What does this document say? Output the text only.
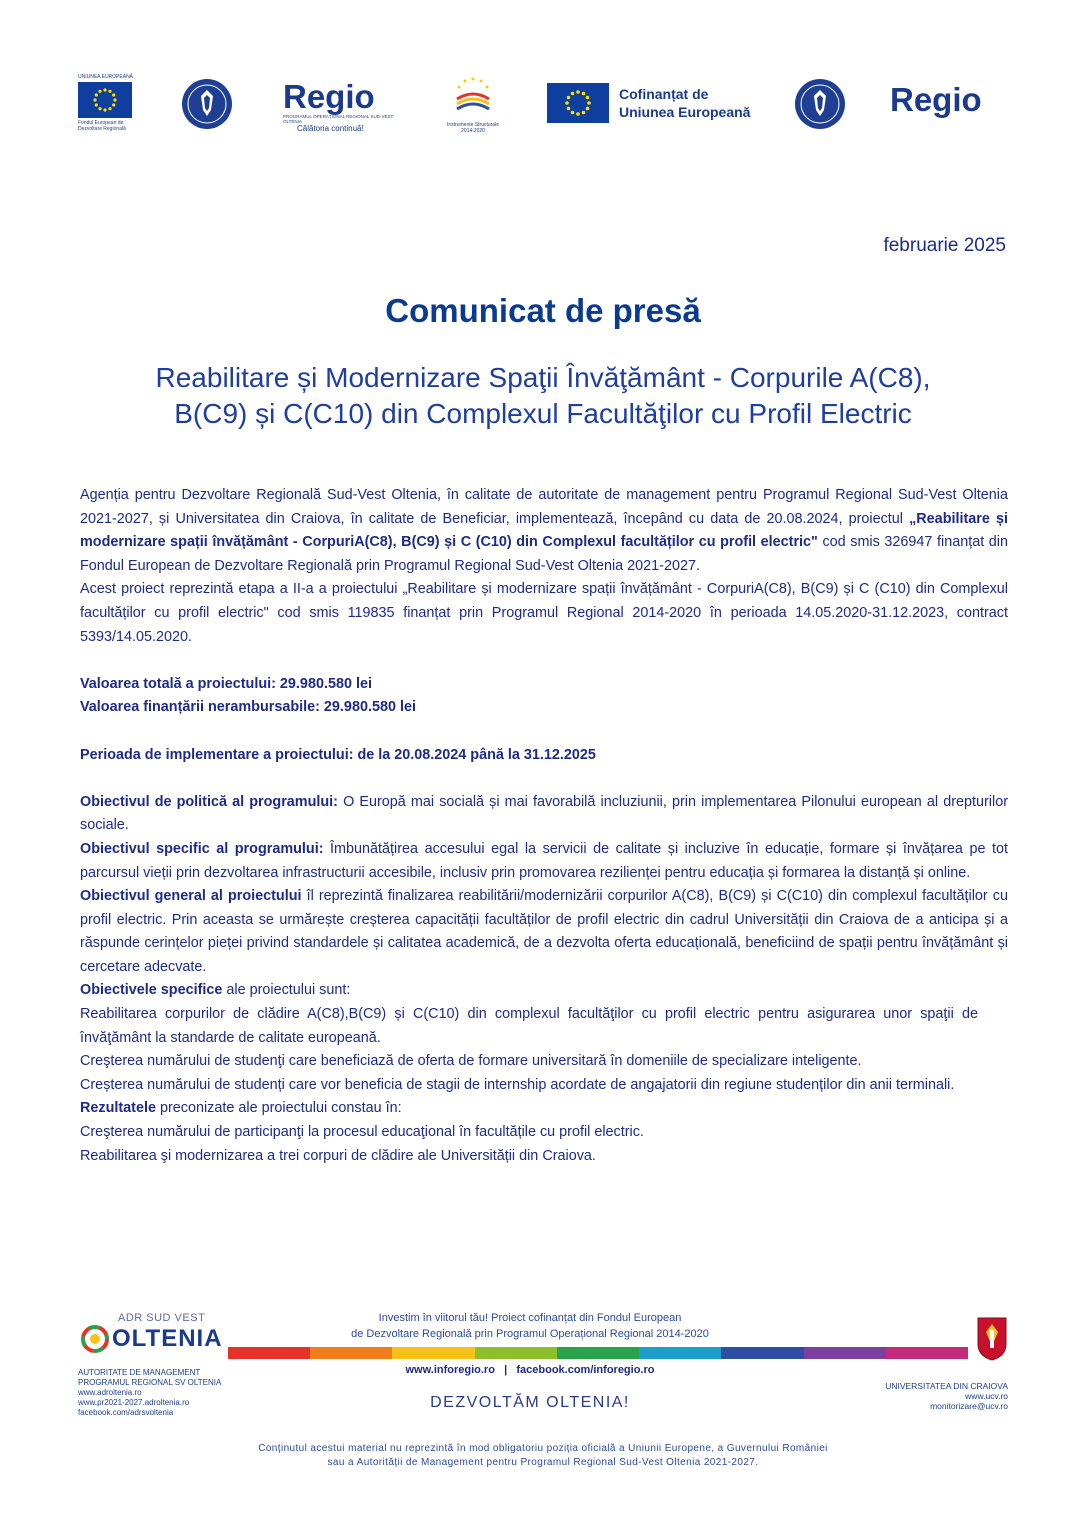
UNIUNEA EUROPEANĂ
Fondul European de Dezvoltare Regională
Regio
PROGRAMUL OPERAȚIONAL REGIONAL SUD-VEST OLTENIA
Călătoria continuă!	Instrumente Structurale 2014-2020
Cofinanțat de
Uniunea Europeană	Regio
februarie 2025
Comunicat de presă
Reabilitare și Modernizare Spaţii Învăţământ - Corpurile A(C8),
B(C9) și C(C10) din Complexul Facultăţilor cu Profil Electric

Agenția pentru Dezvoltare Regională Sud-Vest Oltenia, în calitate de autoritate de management pentru Programul Regional Sud-Vest Oltenia 2021-2027, și Universitatea din Craiova, în calitate de Beneficiar, implementează, începând cu data de 20.08.2024, proiectul „Reabilitare și modernizare spații învățământ - CorpuriA(C8), B(C9) și C (C10) din Complexul facultăților cu profil electric" cod smis 326947 finanțat din Fondul European de Dezvoltare Regională prin Programul Regional Sud-Vest Oltenia 2021-2027.

Acest proiect reprezintă etapa a II-a a proiectului „Reabilitare și modernizare spații învățământ - CorpuriA(C8), B(C9) și C (C10) din Complexul facultăților cu profil electric" cod smis 119835 finanțat prin Programul Regional 2014-2020 în perioada 14.05.2020-31.12.2023, contract 5393/14.05.2020.

Valoarea totală a proiectului: 29.980.580 lei

Valoarea finanțării nerambursabile: 29.980.580 lei

Perioada de implementare a proiectului: de la 20.08.2024 până la 31.12.2025

Obiectivul de politică al programului: O Europă mai socială și mai favorabilă incluziunii, prin implementarea Pilonului european al drepturilor sociale.

Obiectivul specific al programului: Îmbunătățirea accesului egal la servicii de calitate și incluzive în educație, formare și învățarea pe tot parcursul vieții prin dezvoltarea infrastructurii accesibile, inclusiv prin promovarea rezilienței pentru educația și formarea la distanță și online.

Obiectivul general al proiectului îl reprezintă finalizarea reabilitării/modernizării corpurilor A(C8), B(C9) și C(C10) din complexul facultăților cu profil electric. Prin aceasta se urmărește creșterea capacității facultăților de profil electric din cadrul Universității din Craiova de a anticipa și a răspunde cerințelor pieței privind standardele și calitatea academică, de a dezvolta oferta educațională, beneficiind de spații pentru învățământ și cercetare adecvate.

Obiectivele specifice ale proiectului sunt:

Reabilitarea corpurilor de clădire A(C8),B(C9) și C(C10) din complexul facultăţilor cu profil electric pentru asigurarea unor spaţii de învăţământ la standarde de calitate europeană.

Creşterea numărului de studenţi care beneficiază de oferta de formare universitară în domeniile de specializare inteligente.

Creșterea numărului de studenți care vor beneficia de stagii de internship acordate de angajatorii din regiune studenților din anii terminali.

Rezultatele preconizate ale proiectului constau în:

Creşterea numărului de participanţi la procesul educaţional în facultățile cu profil electric.

Reabilitarea şi modernizarea a trei corpuri de clădire ale Universității din Craiova.

ADR SUD VEST
OLTENIA
AUTORITATE DE MANAGEMENT
PROGRAMUL REGIONAL SV OLTENIA
www.adroltenia.ro
www.pr2021-2027.adroltenia.ro
facebook.com/adrsvoltenia
Investim în viitorul tău! Proiect cofinanțat din Fondul European
de Dezvoltare Regională prin Programul Operațional Regional 2014-2020
www.inforegio.ro | facebook.com/inforegio.ro
DEZVOLTĂM OLTENIA!
UNIVERSITATEA DIN CRAIOVA
www.ucv.ro
monitorizare@ucv.ro
Conținutul acestui material nu reprezintă în mod obligatoriu poziția oficială a Uniunii Europene, a Guvernului României
sau a Autorității de Management pentru Programul Regional Sud-Vest Oltenia 2021-2027.
